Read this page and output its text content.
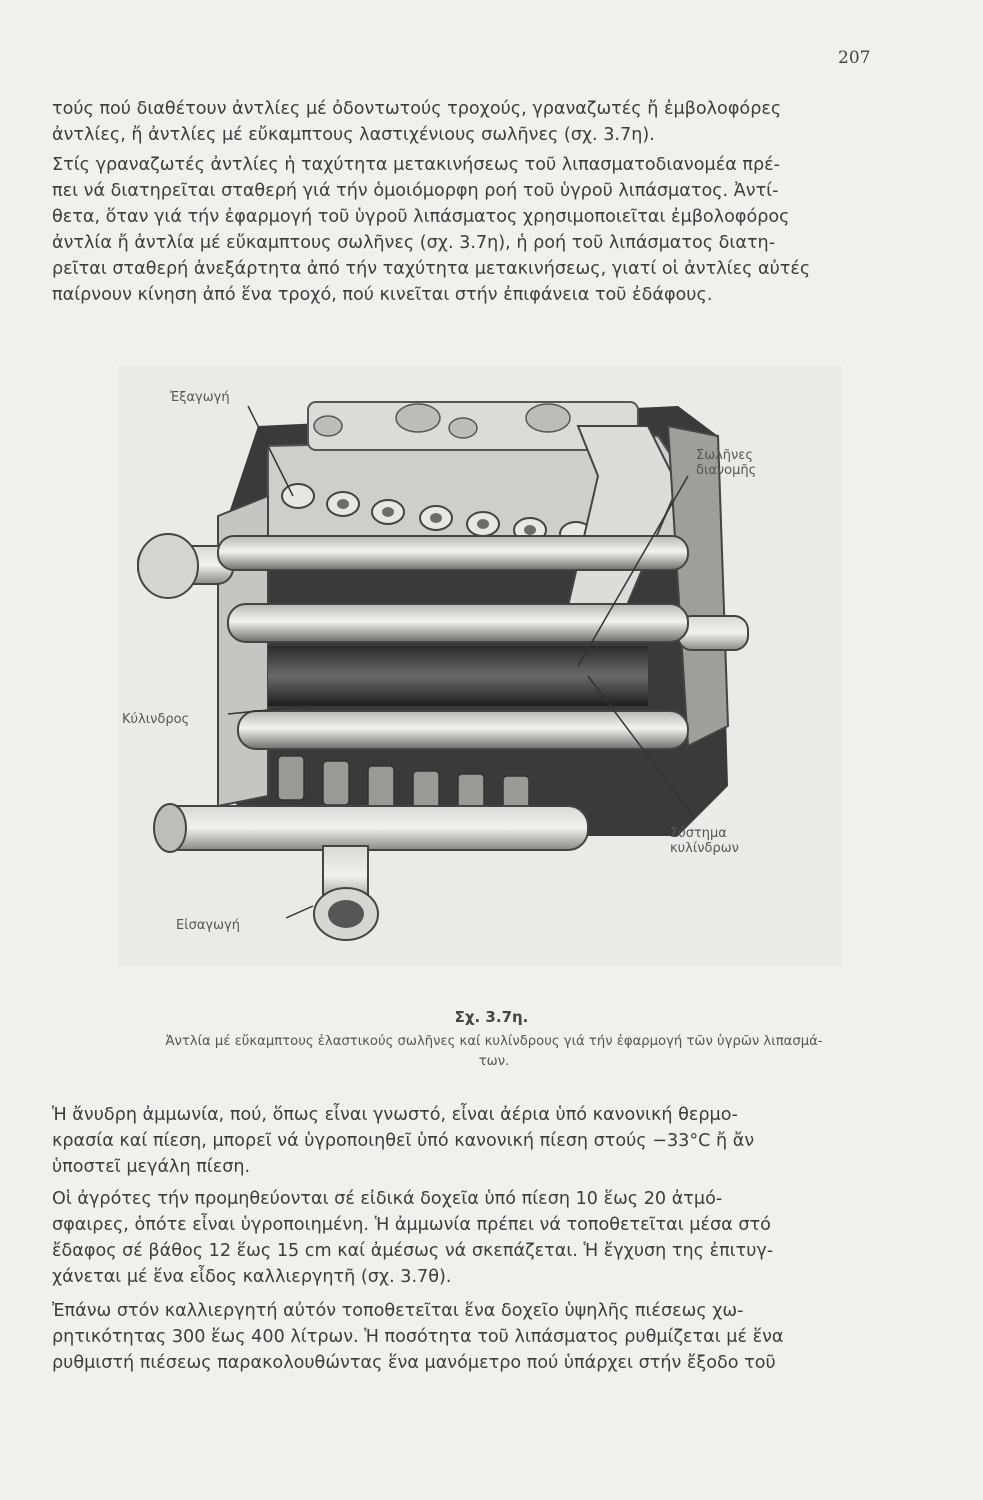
207

τούς πού διαθέτουν ἀντλίες μέ ὀδοντωτούς τροχούς, γραναζωτές ἤ ἐμβολοφόρες
ἀντλίες, ἤ ἀντλίες μέ εὔκαμπτους λαστιχένιους σωλῆνες (σχ. 3.7η).

Στίς γραναζωτές ἀντλίες ἡ ταχύτητα μετακινήσεως τοῦ λιπασματοδιανομέα πρέ-
πει νά διατηρεῖται σταθερή γιά τήν ὁμοιόμορφη ροή τοῦ ὑγροῦ λιπάσματος. Ἀντί-
θετα, ὅταν γιά τήν ἐφαρμογή τοῦ ὑγροῦ λιπάσματος χρησιμοποιεῖται ἐμβολοφόρος
ἀντλία ἤ ἀντλία μέ εὔκαμπτους σωλῆνες (σχ. 3.7η), ἡ ροή τοῦ λιπάσματος διατη-
ρεῖται σταθερή ἀνεξάρτητα ἀπό τήν ταχύτητα μετακινήσεως, γιατί οἱ ἀντλίες αὐτές
παίρνουν κίνηση ἀπό ἕνα τροχό, πού κινεῖται στήν ἐπιφάνεια τοῦ ἐδάφους.

Ἐξαγωγή
Σωλῆνες
διανομῆς
Κύλινδρος
Σύστημα
κυλίνδρων
Εἰσαγωγή
Σχ. 3.7η.
Ἀντλία μέ εὔκαμπτους ἐλαστικούς σωλῆνες καί κυλίνδρους γιά τήν ἐφαρμογή τῶν ὑγρῶν λιπασμά-
των.

Ἡ ἄνυδρη ἀμμωνία, πού, ὅπως εἶναι γνωστό, εἶναι ἀέρια ὑπό κανονική θερμο-
κρασία καί πίεση, μπορεῖ νά ὑγροποιηθεῖ ὑπό κανονική πίεση στούς −33°C ἤ ἄν
ὑποστεῖ μεγάλη πίεση.

Οἱ ἀγρότες τήν προμηθεύονται σέ εἰδικά δοχεῖα ὑπό πίεση 10 ἕως 20 ἀτμό-
σφαιρες, ὁπότε εἶναι ὑγροποιημένη. Ἡ ἀμμωνία πρέπει νά τοποθετεῖται μέσα στό
ἔδαφος σέ βάθος 12 ἕως 15 cm καί ἀμέσως νά σκεπάζεται. Ἡ ἔγχυση της ἐπιτυγ-
χάνεται μέ ἕνα εἶδος καλλιεργητῆ (σχ. 3.7θ).

Ἐπάνω στόν καλλιεργητή αὐτόν τοποθετεῖται ἕνα δοχεῖο ὑψηλῆς πιέσεως χω-
ρητικότητας 300 ἕως 400 λίτρων. Ἡ ποσότητα τοῦ λιπάσματος ρυθμίζεται μέ ἕνα
ρυθμιστή πιέσεως παρακολουθώντας ἕνα μανόμετρο πού ὑπάρχει στήν ἔξοδο τοῦ
